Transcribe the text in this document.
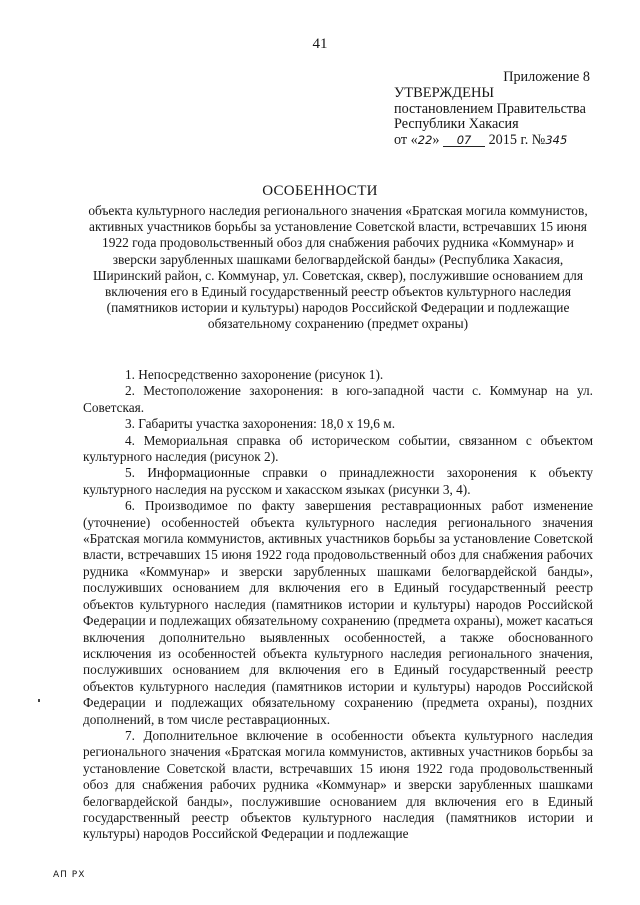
41
Приложение 8
УТВЕРЖДЕНЫ
постановлением Правительства
Республики Хакасия
от «22» 07 2015 г. №345
ОСОБЕННОСТИ
объекта культурного наследия регионального значения «Братская могила коммунистов, активных участников борьбы за установление Советской власти, встречавших 15 июня 1922 года продовольственный обоз для снабжения рабочих рудника «Коммунар» и зверски зарубленных шашками белогвардейской банды» (Республика Хакасия, Ширинский район, с. Коммунар, ул. Советская, сквер), послужившие основанием для включения его в Единый государственный реестр объектов культурного наследия (памятников истории и культуры) народов Российской Федерации и подлежащие обязательному сохранению (предмет охраны)

1. Непосредственно захоронение (рисунок 1).

2. Местоположение захоронения: в юго-западной части с. Коммунар на ул. Советская.

3. Габариты участка захоронения: 18,0 х 19,6 м.

4. Мемориальная справка об историческом событии, связанном с объектом культурного наследия (рисунок 2).

5. Информационные справки о принадлежности захоронения к объекту культурного наследия на русском и хакасском языках (рисунки 3, 4).

6. Производимое по факту завершения реставрационных работ изменение (уточнение) особенностей объекта культурного наследия регионального значения «Братская могила коммунистов, активных участников борьбы за установление Советской власти, встречавших 15 июня 1922 года продовольственный обоз для снабжения рабочих рудника «Коммунар» и зверски зарубленных шашками белогвардейской банды», послуживших основанием для включения его в Единый государственный реестр объектов культурного наследия (памятников истории и культуры) народов Российской Федерации и подлежащих обязательному сохранению (предмета охраны), может касаться включения дополнительно выявленных особенностей, а также обоснованного исключения из особенностей объекта культурного наследия регионального значения, послуживших основанием для включения его в Единый государственный реестр объектов культурного наследия (памятников истории и культуры) народов Российской Федерации и подлежащих обязательному сохранению (предмета охраны), поздних дополнений, в том числе реставрационных.

7. Дополнительное включение в особенности объекта культурного наследия регионального значения «Братская могила коммунистов, активных участников борьбы за установление Советской власти, встречавших 15 июня 1922 года продовольственный обоз для снабжения рабочих рудника «Коммунар» и зверски зарубленных шашками белогвардейской банды», послужившие основанием для включения его в Единый государственный реестр объектов культурного наследия (памятников истории и культуры) народов Российской Федерации и подлежащие

АП РХ
